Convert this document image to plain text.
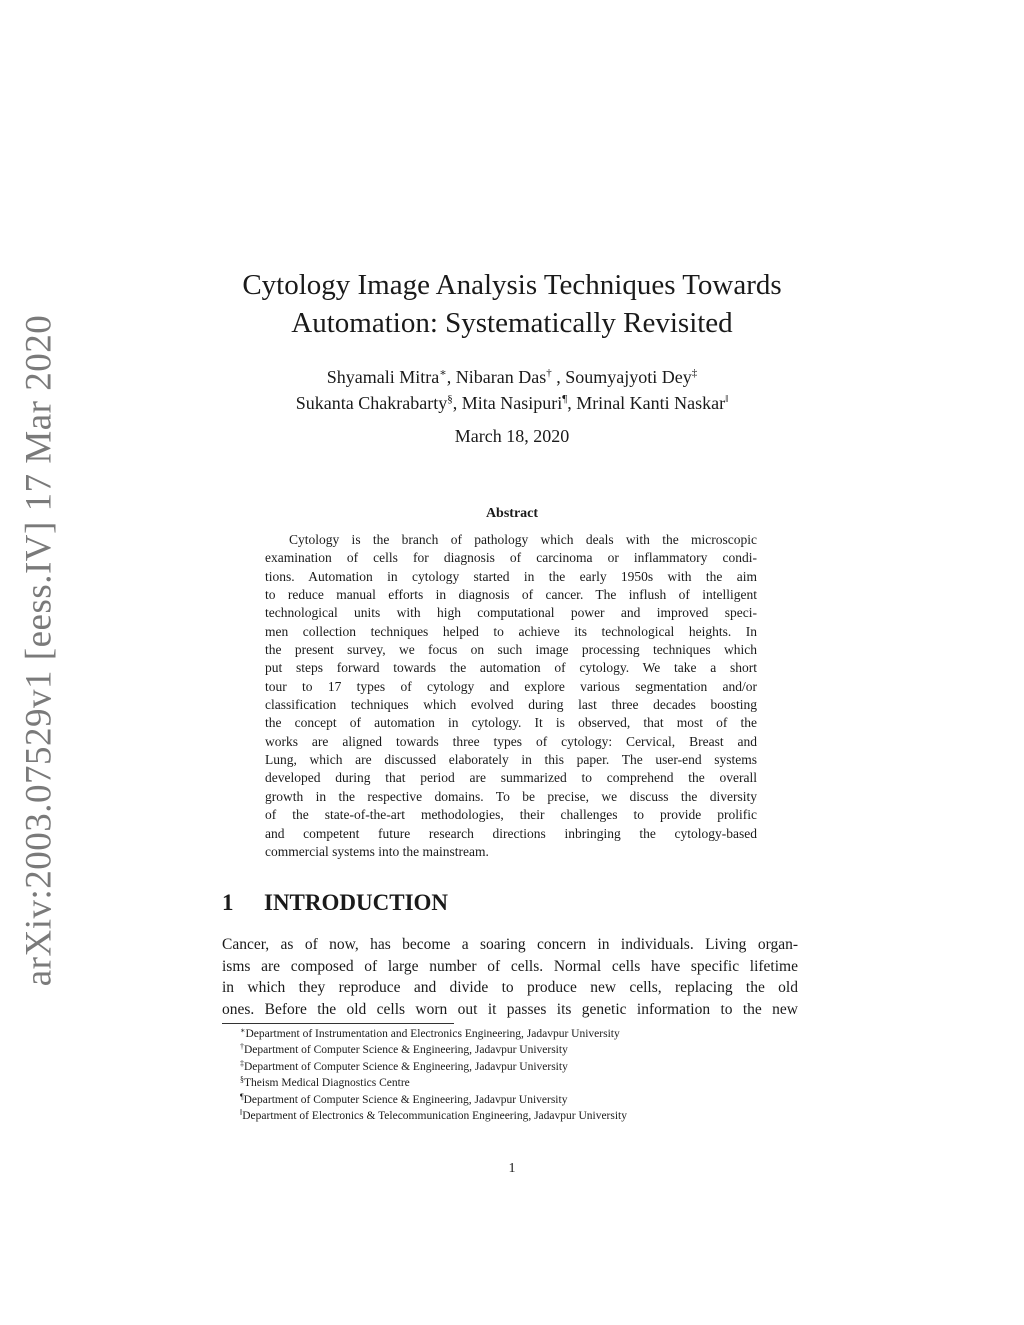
arXiv:2003.07529v1 [eess.IV] 17 Mar 2020
Cytology Image Analysis Techniques Towards
Automation: Systematically Revisited
Shyamali Mitra∗, Nibaran Das† , Soumyajyoti Dey‡
Sukanta Chakrabarty§, Mita Nasipuri¶, Mrinal Kanti Naskar‖
March 18, 2020
Abstract
Cytology is the branch of pathology which deals with the microscopic
examination of cells for diagnosis of carcinoma or inflammatory condi-
tions. Automation in cytology started in the early 1950s with the aim
to reduce manual efforts in diagnosis of cancer. The inflush of intelligent
technological units with high computational power and improved speci-
men collection techniques helped to achieve its technological heights. In
the present survey, we focus on such image processing techniques which
put steps forward towards the automation of cytology. We take a short
tour to 17 types of cytology and explore various segmentation and/or
classification techniques which evolved during last three decades boosting
the concept of automation in cytology. It is observed, that most of the
works are aligned towards three types of cytology: Cervical, Breast and
Lung, which are discussed elaborately in this paper. The user-end systems
developed during that period are summarized to comprehend the overall
growth in the respective domains. To be precise, we discuss the diversity
of the state-of-the-art methodologies, their challenges to provide prolific
and competent future research directions inbringing the cytology-based
commercial systems into the mainstream.
1 INTRODUCTION
Cancer, as of now, has become a soaring concern in individuals. Living organ-
isms are composed of large number of cells. Normal cells have specific lifetime
in which they reproduce and divide to produce new cells, replacing the old
ones. Before the old cells worn out it passes its genetic information to the new
∗Department of Instrumentation and Electronics Engineering, Jadavpur University
†Department of Computer Science & Engineering, Jadavpur University
‡Department of Computer Science & Engineering, Jadavpur University
§Theism Medical Diagnostics Centre
¶Department of Computer Science & Engineering, Jadavpur University
‖Department of Electronics & Telecommunication Engineering, Jadavpur University
1
